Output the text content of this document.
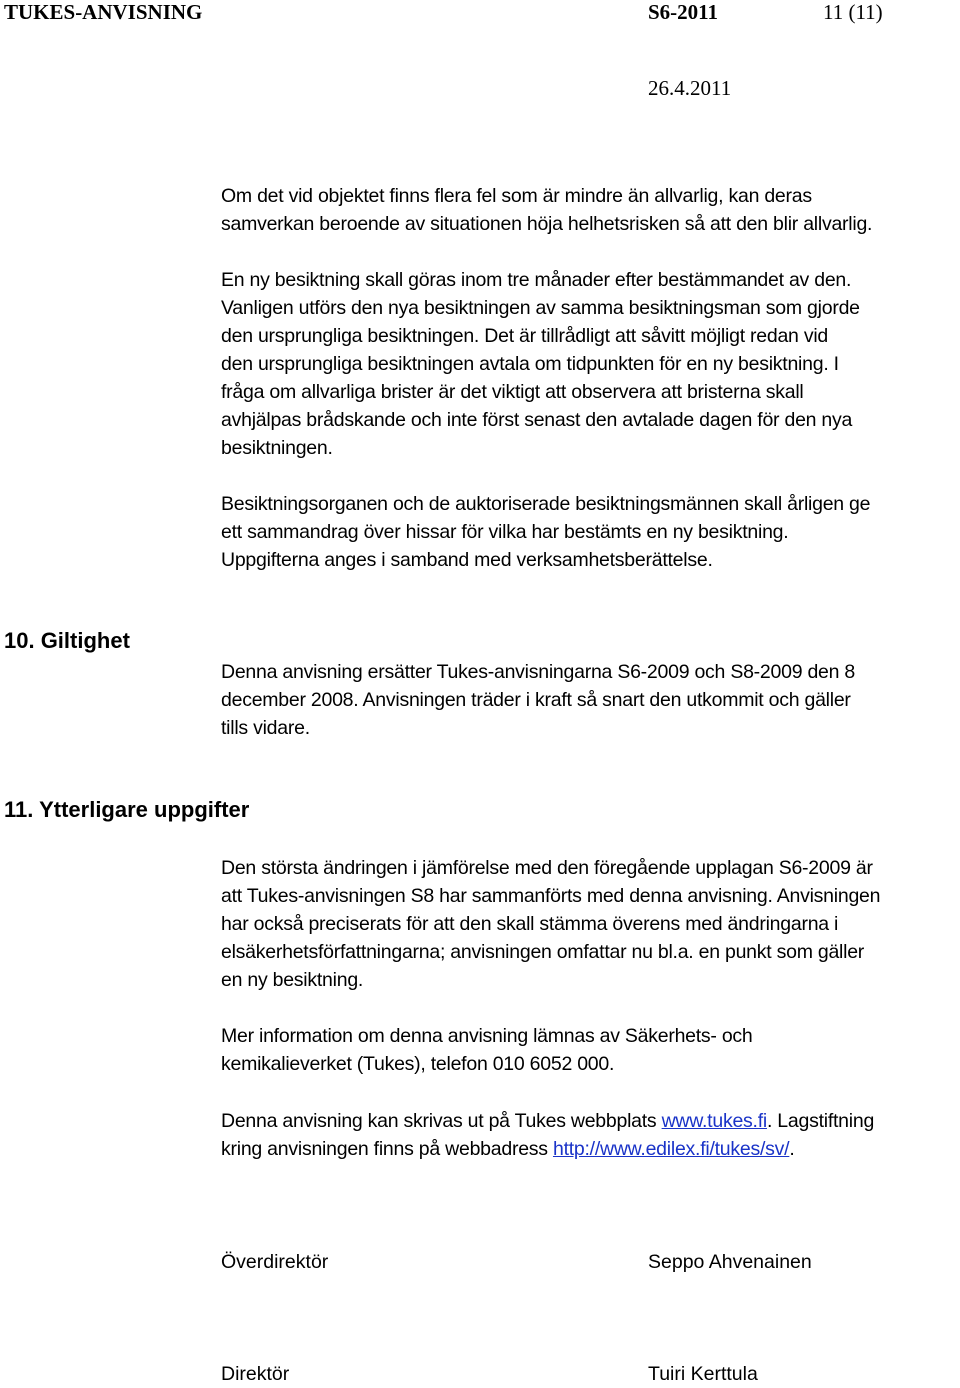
TUKES-ANVISNING	S6-2011	11 (11)
26.4.2011
Om det vid objektet finns flera fel som är mindre än allvarlig, kan deras
samverkan beroende av situationen höja helhetsrisken så att den blir allvarlig.
En ny besiktning skall göras inom tre månader efter bestämmandet av den.
Vanligen utförs den nya besiktningen av samma besiktningsman som gjorde
den ursprungliga besiktningen. Det är tillrådligt att såvitt möjligt redan vid
den ursprungliga besiktningen avtala om tidpunkten för en ny besiktning. I
fråga om allvarliga brister är det viktigt att observera att bristerna skall
avhjälpas brådskande och inte först senast den avtalade dagen för den nya
besiktningen.
Besiktningsorganen och de auktoriserade besiktningsmännen skall årligen ge
ett sammandrag över hissar för vilka har bestämts en ny besiktning.
Uppgifterna anges i samband med verksamhetsberättelse.
10. Giltighet
Denna anvisning ersätter Tukes-anvisningarna S6-2009 och S8-2009 den 8
december 2008. Anvisningen träder i kraft så snart den utkommit och gäller
tills vidare.
11. Ytterligare uppgifter
Den största ändringen i jämförelse med den föregående upplagan S6-2009 är
att Tukes-anvisningen S8 har sammanförts med denna anvisning. Anvisningen
har också preciserats för att den skall stämma överens med ändringarna i
elsäkerhetsförfattningarna; anvisningen omfattar nu bl.a. en punkt som gäller
en ny besiktning.
Mer information om denna anvisning lämnas av Säkerhets- och
kemikalieverket (Tukes), telefon 010 6052 000.
Denna anvisning kan skrivas ut på Tukes webbplats www.tukes.fi. Lagstiftning
kring anvisningen finns på webbadress http://www.edilex.fi/tukes/sv/.
Överdirektör	Seppo Ahvenainen
Direktör	Tuiri Kerttula
